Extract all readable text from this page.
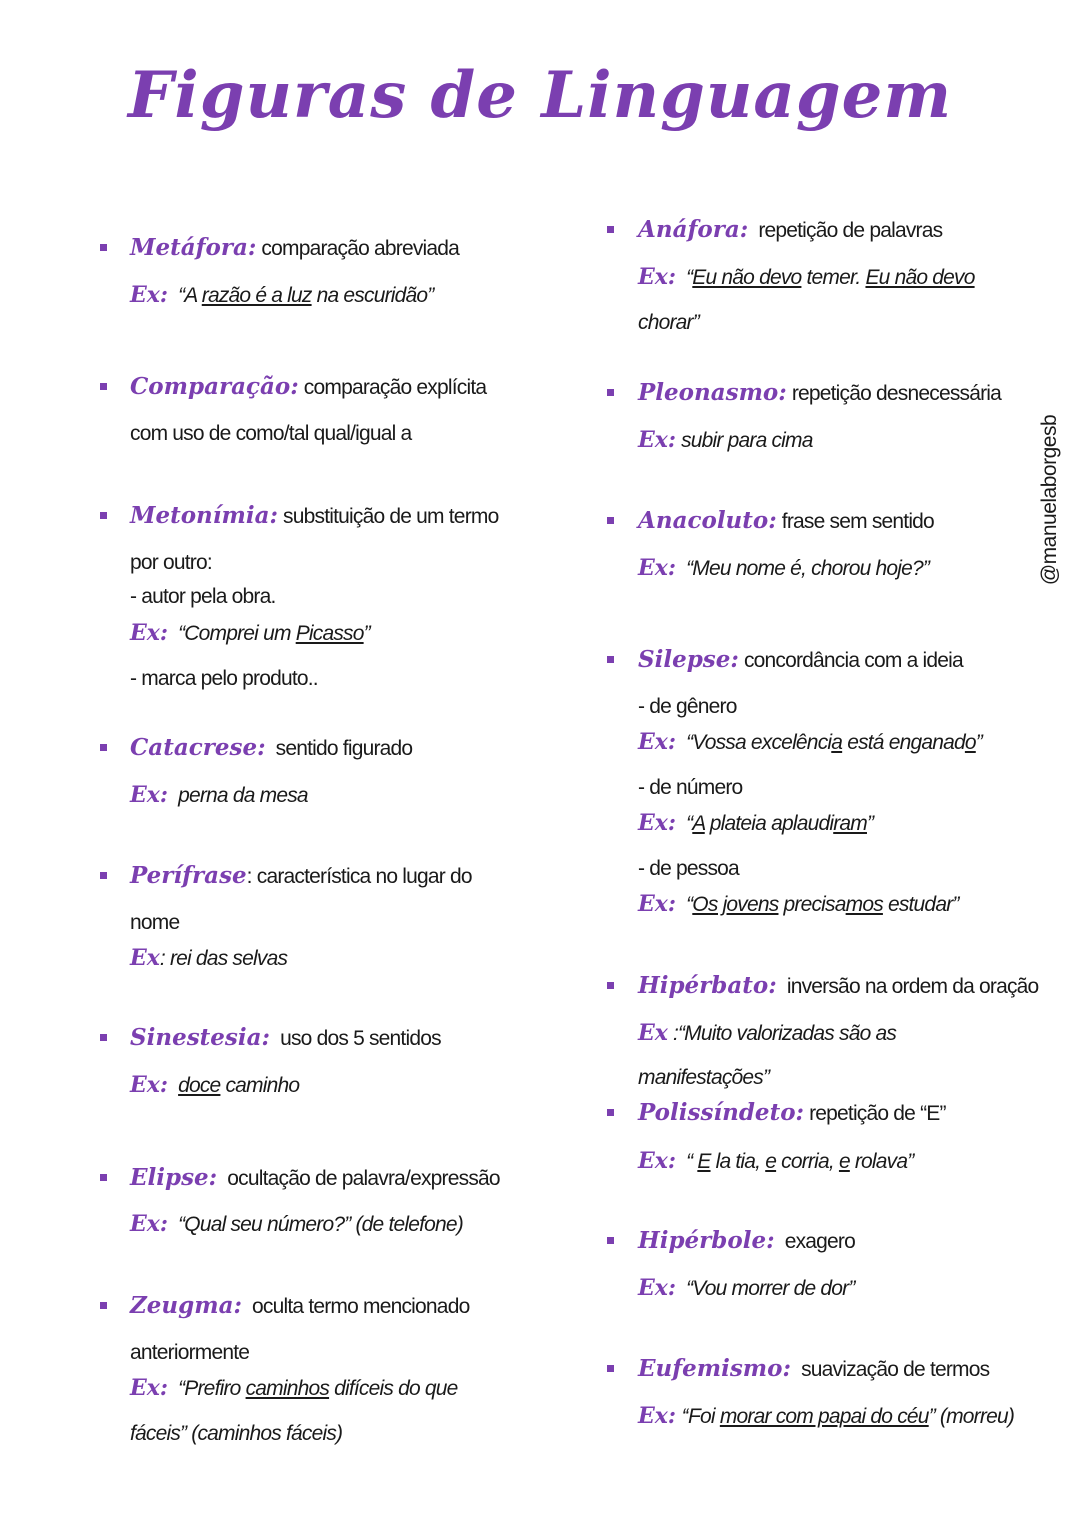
Figuras de Linguagem
@manuelaborgesb
Metáfora: comparação abreviada
Ex: “A razão é a luz na escuridão”
Comparação: comparação explícita
com uso de como/tal qual/igual a
Metonímia: substituição de um termo
por outro:
- autor pela obra.
Ex: “Comprei um Picasso”
- marca pelo produto..
Catacrese: sentido figurado
Ex: perna da mesa
Perífrase: característica no lugar do
nome
Ex: rei das selvas
Sinestesia: uso dos 5 sentidos
Ex: doce caminho
Elipse: ocultação de palavra/expressão
Ex: “Qual seu número?” (de telefone)
Zeugma: oculta termo mencionado
anteriormente
Ex: “Prefiro caminhos difíceis do que
fáceis” (caminhos fáceis)
Anáfora: repetição de palavras
Ex: “Eu não devo temer. Eu não devo
chorar”
Pleonasmo: repetição desnecessária
Ex: subir para cima
Anacoluto: frase sem sentido
Ex: “Meu nome é, chorou hoje?”
Silepse: concordância com a ideia
- de gênero
Ex: “Vossa excelência está enganado”
- de número
Ex: “A plateia aplaudiram”
- de pessoa
Ex: “Os jovens precisamos estudar”
Hipérbato: inversão na ordem da oração
Ex :“Muito valorizadas são as
manifestações”
Polissíndeto: repetição de “E”
Ex: “ E la tia, e corria, e rolava”
Hipérbole: exagero
Ex: “Vou morrer de dor”
Eufemismo: suavização de termos
Ex: ‘‘Foi morar com papai do céu” (morreu)
